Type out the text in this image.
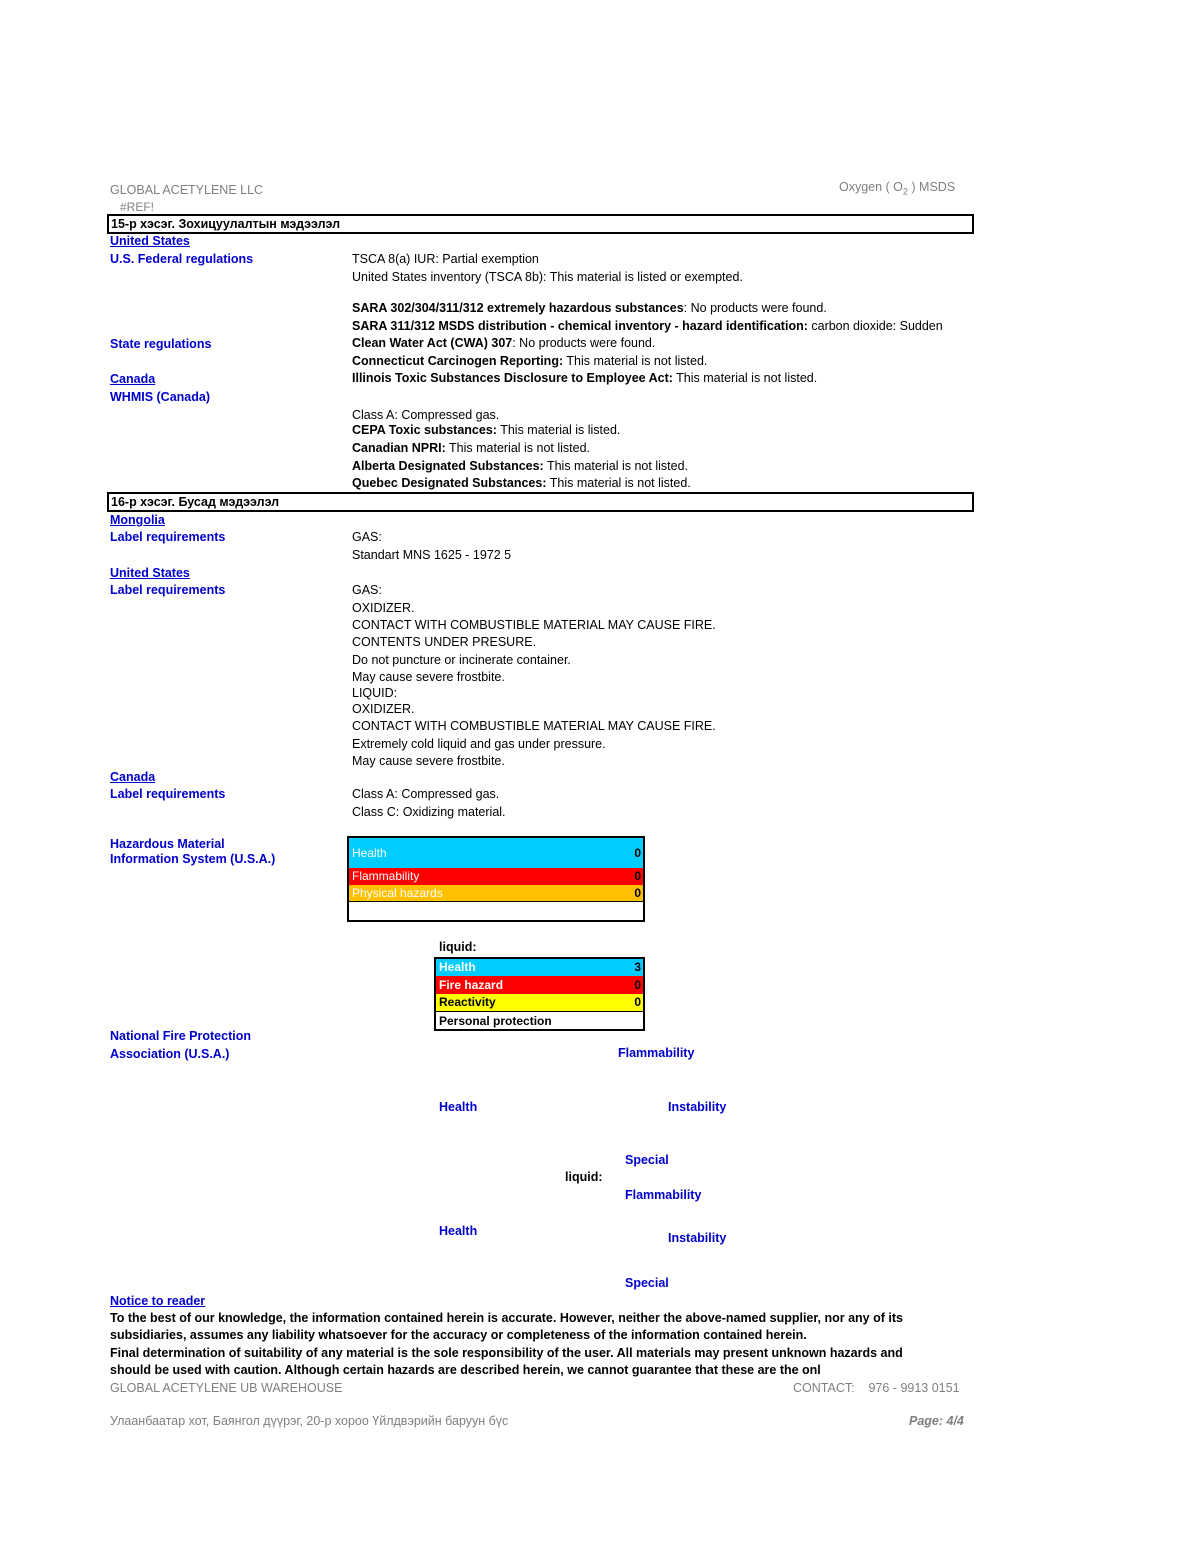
GLOBAL ACETYLENE LLC
#REF!
Oxygen ( $O_2$ ) MSDS
15-р хэсэг. Зохицуулалтын мэдээлэл
United States
U.S. Federal regulations	TSCA 8(a) IUR: Partial exemption
United States inventory (TSCA 8b): This material is listed or exempted.
SARA 302/304/311/312 extremely hazardous substances: No products were found.
SARA 311/312 MSDS distribution - chemical inventory - hazard identification: carbon dioxide: Sudden
State regulations	Clean Water Act (CWA) 307: No products were found.
Connecticut Carcinogen Reporting: This material is not listed.
Canada	Illinois Toxic Substances Disclosure to Employee Act: This material is not listed.
WHMIS (Canada)
Class A: Compressed gas.
CEPA Toxic substances: This material is listed.
Canadian NPRI: This material is not listed.
Alberta Designated Substances: This material is not listed.
Quebec Designated Substances: This material is not listed.
16-р хэсэг. Бусад мэдээлэл
Mongolia
Label requirements	GAS:
Standart MNS 1625 - 1972 5
United States
Label requirements	GAS:
OXIDIZER.
CONTACT WITH COMBUSTIBLE MATERIAL MAY CAUSE FIRE.
CONTENTS UNDER PRESURE.
Do not puncture or incinerate container.
May cause severe frostbite.
LIQUID:
OXIDIZER.
CONTACT WITH COMBUSTIBLE MATERIAL MAY CAUSE FIRE.
Extremely cold liquid and gas under pressure.
May cause severe frostbite.
Canada
Label requirements	Class A: Compressed gas.
Class C: Oxidizing material.
Hazardous Material
Information System (U.S.A.)	Health	0
Flammability	0
Physical hazards	0
liquid:
Health	3
Fire hazard	0
Reactivity	0
Personal protection
National Fire Protection
Association (U.S.A.)	Flammability
Health	Instability
Special
liquid:
Flammability
Health	Instability
Special
Notice to reader
To the best of our knowledge, the information contained herein is accurate. However, neither the above-named supplier, nor any of its subsidiaries, assumes any liability whatsoever for the accuracy or completeness of the information contained herein.
Final determination of suitability of any material is the sole responsibility of the user. All materials may present unknown hazards and should be used with caution. Although certain hazards are described herein, we cannot guarantee that these are the onl
GLOBAL ACETYLENE UB WAREHOUSE	CONTACT: 976 - 9913 0151
Улаанбаатар хот, Баянгол дүүрэг, 20-р хороо Үйлдвэрийн баруун бүс	Page: 4/4
